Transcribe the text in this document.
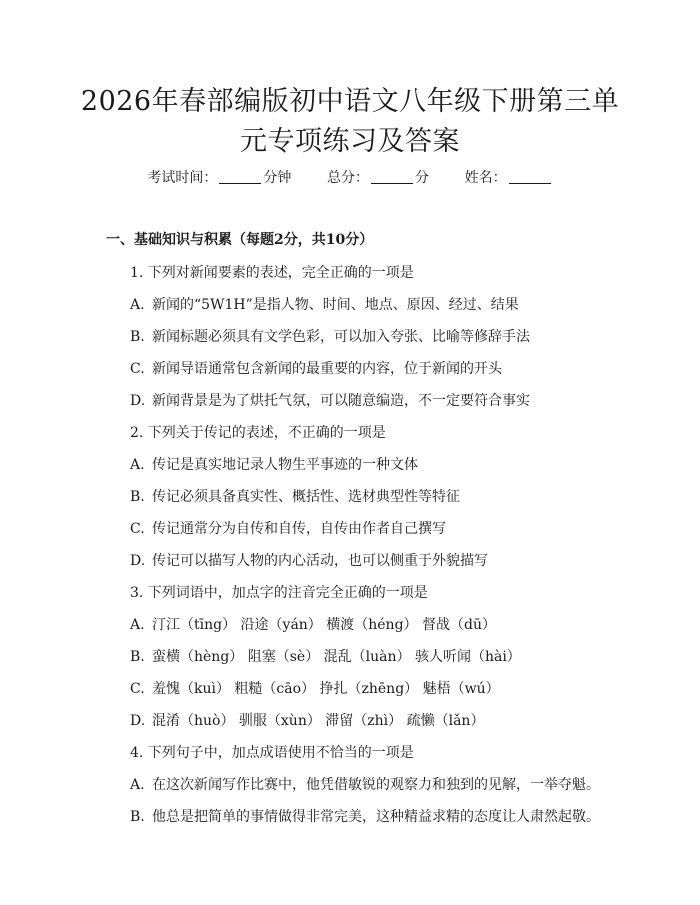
2026年春部编版初中语文八年级下册第三单
元专项练习及答案
考试时间：	分钟	总分：	分	姓名：
一、基础知识与积累（每题2分，共10分）
1. 下列对新闻要素的表述，完全正确的一项是
A. 新闻的“5W1H”是指人物、时间、地点、原因、经过、结果
B. 新闻标题必须具有文学色彩，可以加入夸张、比喻等修辞手法
C. 新闻导语通常包含新闻的最重要的内容，位于新闻的开头
D. 新闻背景是为了烘托气氛，可以随意编造，不一定要符合事实
2. 下列关于传记的表述，不正确的一项是
A. 传记是真实地记录人物生平事迹的一种文体
B. 传记必须具备真实性、概括性、选材典型性等特征
C. 传记通常分为自传和自传，自传由作者自己撰写
D. 传记可以描写人物的内心活动，也可以侧重于外貌描写
3. 下列词语中，加点字的注音完全正确的一项是
A. 汀江（tīng） 沿途（yán） 横渡（héng） 督战（dū）
B. 蛮横（hèng） 阻塞（sè） 混乱（luàn） 骇人听闻（hài）
C. 羞愧（kuì） 粗糙（cāo） 挣扎（zhēng） 魅梧（wú）
D. 混淆（huò） 驯服（xùn） 滞留（zhì） 疏懒（lǎn）
4. 下列句子中，加点成语使用不恰当的一项是
A. 在这次新闻写作比赛中，他凭借敏锐的观察力和独到的见解，一举夺魁。
B. 他总是把简单的事情做得非常完美，这种精益求精的态度让人肃然起敬。
